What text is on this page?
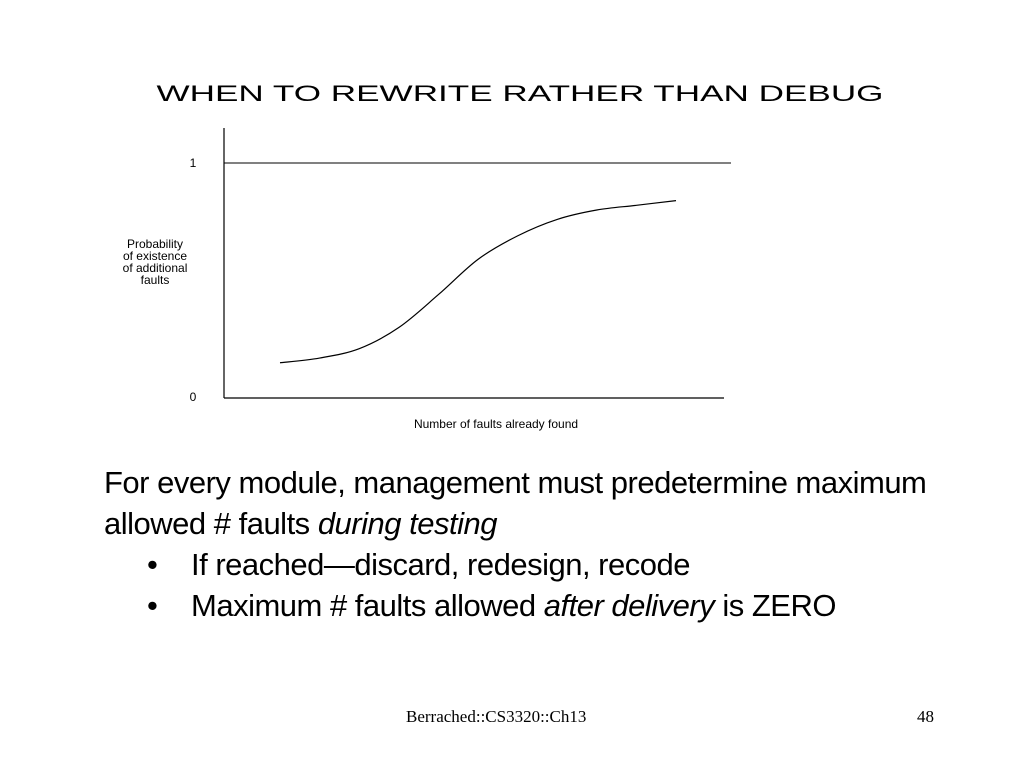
WHEN TO REWRITE RATHER THAN DEBUG
1
0
Probability
of existence
of additional
faults
Number of faults already found
For every module, management must predetermine maximum
allowed # faults during testing
• If reached—discard, redesign, recode
• Maximum # faults allowed after delivery is ZERO
Berrached::CS3320::Ch13	48
